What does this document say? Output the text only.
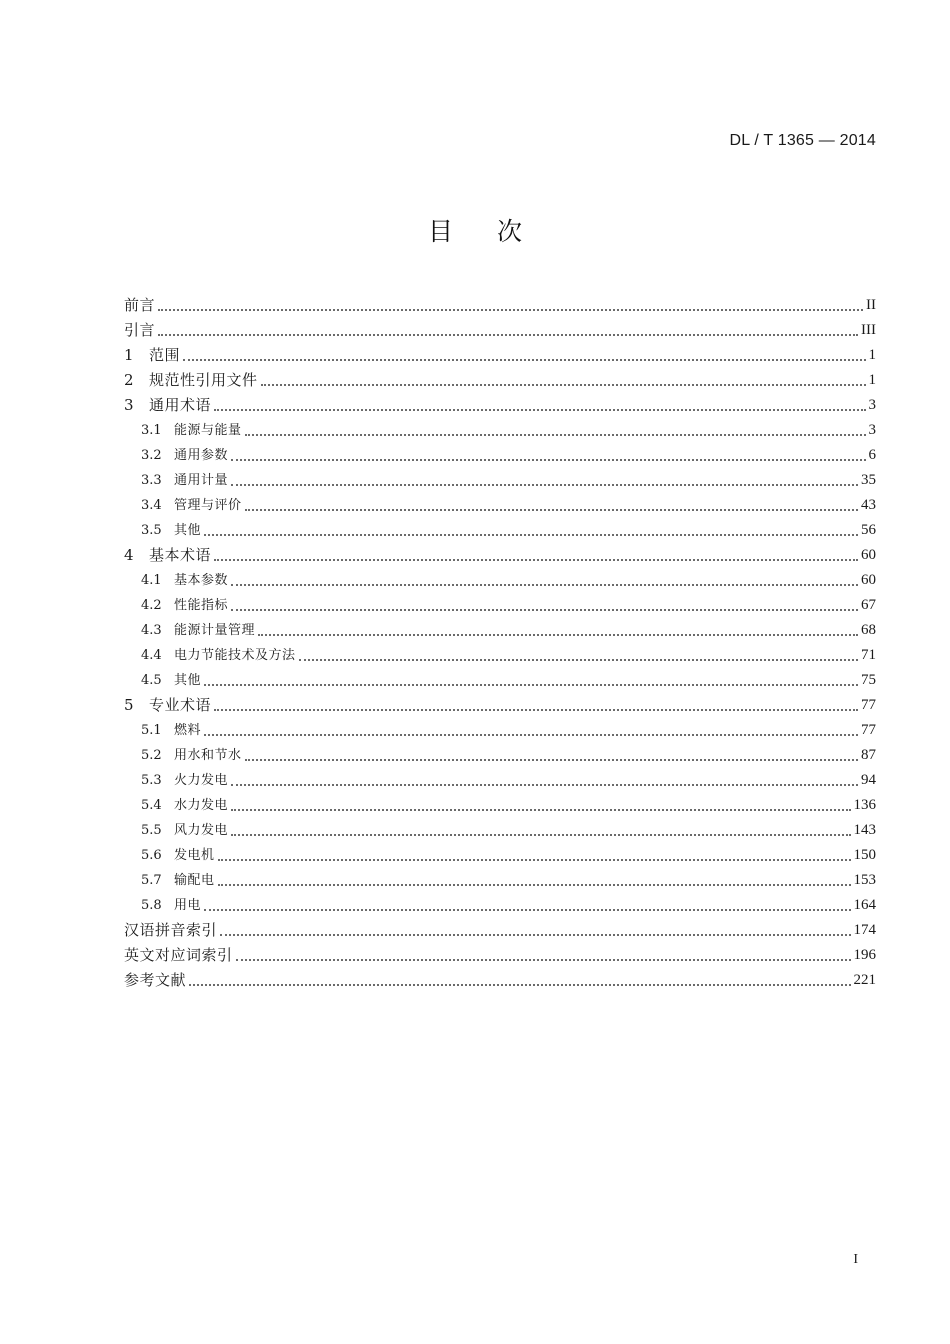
DL / T 1365 — 2014
目次
前言	II
引言	III
1	范围	1
2	规范性引用文件	1
3	通用术语	3
3.1 能源与能量	3
3.2 通用参数	6
3.3 通用计量	35
3.4 管理与评价	43
3.5 其他	56
4	基本术语	60
4.1 基本参数	60
4.2 性能指标	67
4.3 能源计量管理	68
4.4 电力节能技术及方法	71
4.5 其他	75
5	专业术语	77
5.1 燃料	77
5.2 用水和节水	87
5.3 火力发电	94
5.4 水力发电	136
5.5 风力发电	143
5.6 发电机	150
5.7 输配电	153
5.8 用电	164
汉语拼音索引	174
英文对应词索引	196
参考文献	221
I
